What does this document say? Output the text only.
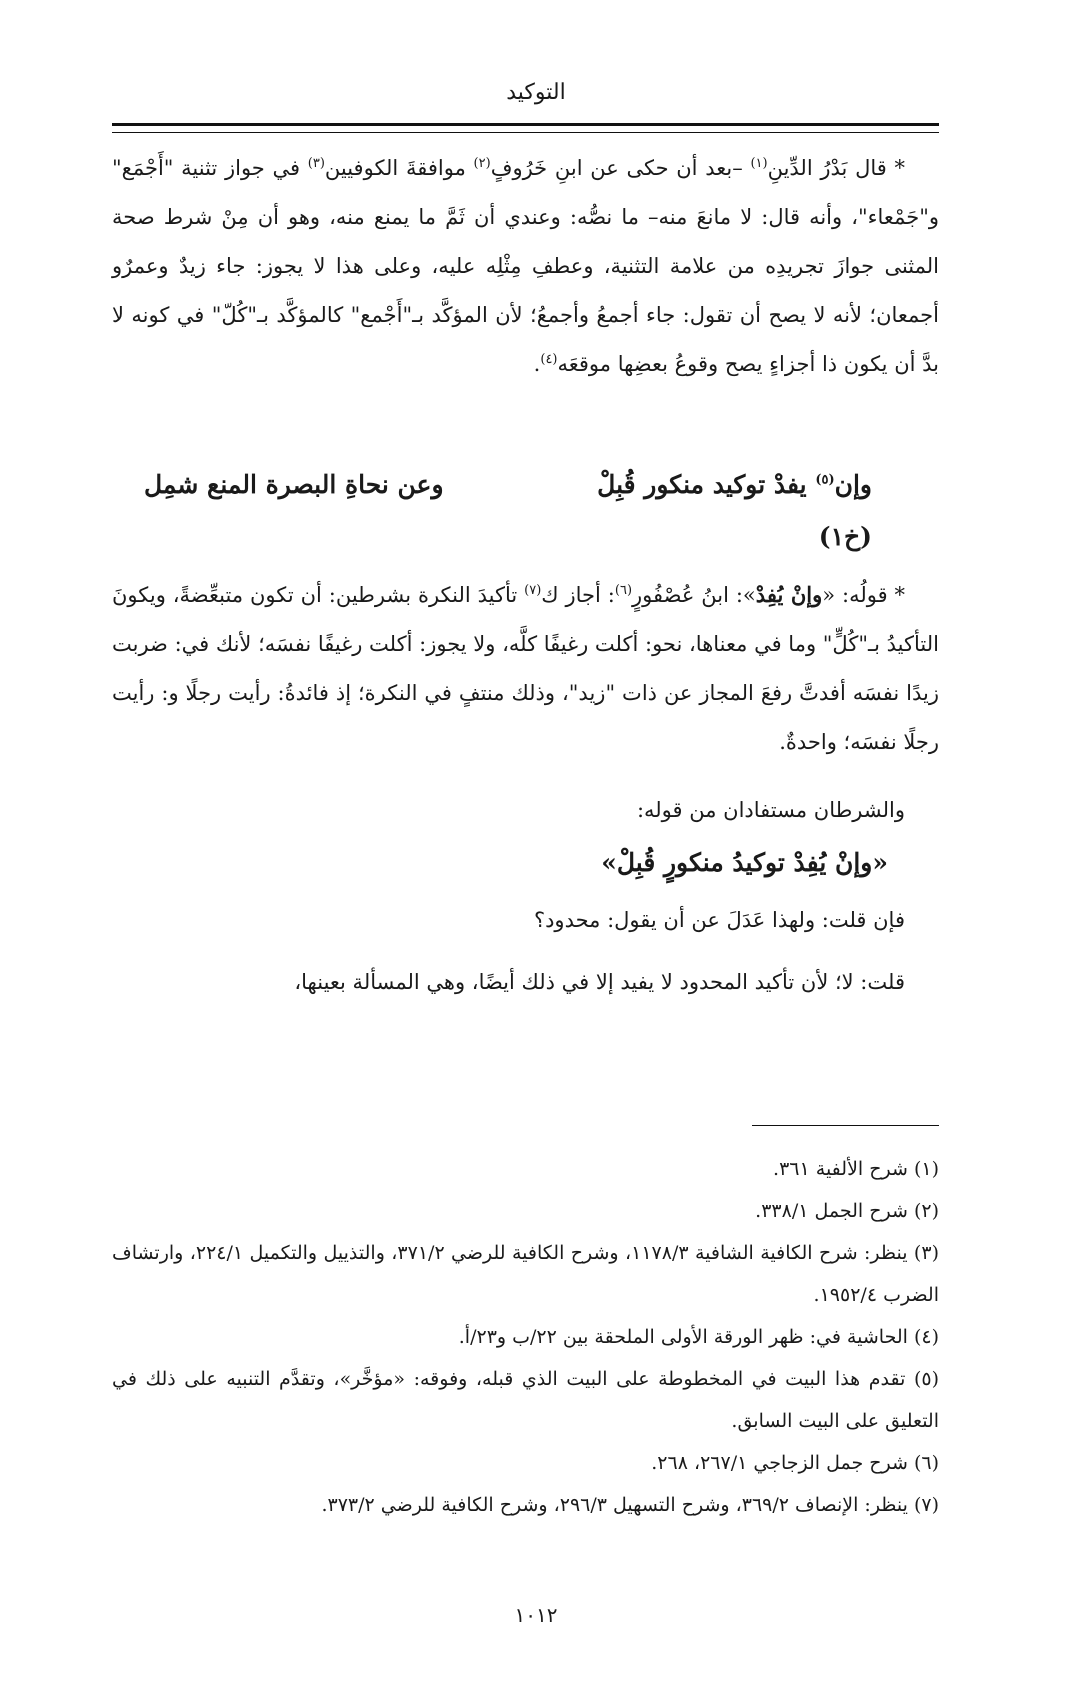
التوكيد

* قال بَدْرُ الدِّينِ$^{(١)}$ –بعد أن حكى عن ابنِ خَرُوفٍ$^{(٢)}$ موافقةَ الكوفيين$^{(٣)}$ في جواز تثنية "أَجْمَع" و"جَمْعاء"، وأنه قال: لا مانعَ منه– ما نصُّه: وعندي أن ثَمَّ ما يمنع منه، وهو أن مِنْ شرط صحة المثنى جوازَ تجريدِه من علامة التثنية، وعطفِ مِثْلِه عليه، وعلى هذا لا يجوز: جاء زيدٌ وعمرٌو أجمعان؛ لأنه لا يصح أن تقول: جاء أجمعُ وأجمعُ؛ لأن المؤكَّد بـ"أَجْمع" كالمؤكَّد بـ"كُلّ" في كونه لا بدَّ أن يكون ذا أجزاءٍ يصح وقوعُ بعضِها موقعَه$^{(٤)}$.

وإن$^{(٥)}$ يفدْ توكيد منكور قُبِلْ
وعن نحاةِ البصرة المنع شمِل
(خ١)

* قولُه: «وإنْ يُفِدْ»: ابنُ عُصْفُورٍ$^{(٦)}$: أجاز ك$^{(٧)}$ تأكيدَ النكرة بشرطين: أن تكون متبعِّضةً، ويكونَ التأكيدُ بـ"كُلٍّ" وما في معناها، نحو: أكلت رغيفًا كلَّه، ولا يجوز: أكلت رغيفًا نفسَه؛ لأنك في: ضربت زيدًا نفسَه أفدتَّ رفعَ المجاز عن ذات "زيد"، وذلك منتفٍ في النكرة؛ إذ فائدةُ: رأيت رجلًا و: رأيت رجلًا نفسَه؛ واحدةٌ.

والشرطان مستفادان من قوله:

«وإنْ يُفِدْ توكيدُ منكورٍ قُبِلْ»

فإن قلت: ولهذا عَدَلَ عن أن يقول: محدود؟

قلت: لا؛ لأن تأكيد المحدود لا يفيد إلا في ذلك أيضًا، وهي المسألة بعينها،

(١) شرح الألفية ٣٦١.

(٢) شرح الجمل ٣٣٨/١.

(٣) ينظر: شرح الكافية الشافية ١١٧٨/٣، وشرح الكافية للرضي ٣٧١/٢، والتذييل والتكميل ٢٢٤/١، وارتشاف الضرب ١٩٥٢/٤.

(٤) الحاشية في: ظهر الورقة الأولى الملحقة بين ٢٢/ب و٢٣/أ.

(٥) تقدم هذا البيت في المخطوطة على البيت الذي قبله، وفوقه: «مؤخَّر»، وتقدَّم التنبيه على ذلك في التعليق على البيت السابق.

(٦) شرح جمل الزجاجي ٢٦٧/١، ٢٦٨.

(٧) ينظر: الإنصاف ٣٦٩/٢، وشرح التسهيل ٢٩٦/٣، وشرح الكافية للرضي ٣٧٣/٢.

١٠١٢
